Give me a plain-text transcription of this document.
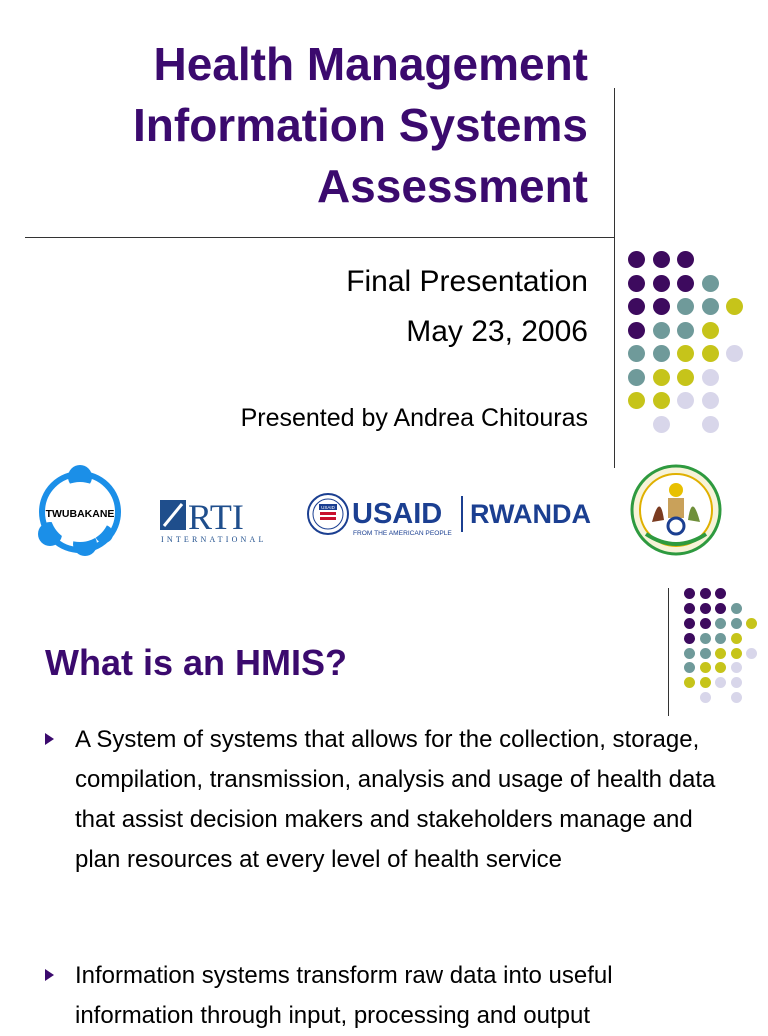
Health Management
Information Systems
Assessment
Final Presentation
May 23, 2006
Presented by Andrea Chitouras
TWUBAKANE RTI
INTERNATIONAL
USAID USAID
FROM THE AMERICAN PEOPLE
RWANDA
What is an HMIS?
A System of systems that allows for the collection, storage, compilation, transmission, analysis and usage of health data that assist decision makers and stakeholders manage and plan resources at every level of health service
Information systems transform raw data into useful information through input, processing and output
